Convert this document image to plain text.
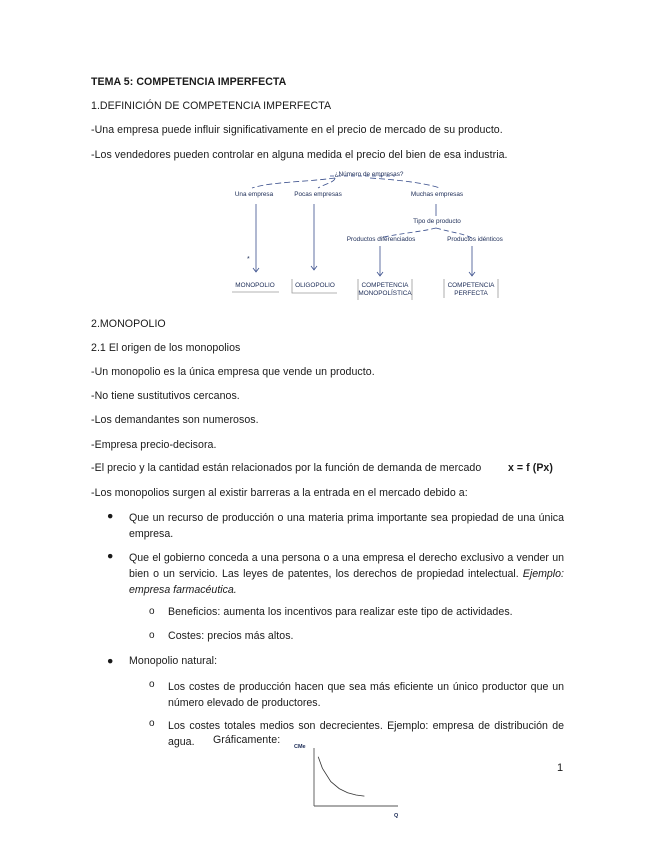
TEMA 5: COMPETENCIA IMPERFECTA
1.DEFINICIÓN DE COMPETENCIA IMPERFECTA
-Una empresa puede influir significativamente en el precio de mercado de su producto.
-Los vendedores pueden controlar en alguna medida el precio del bien de esa industria.
¿Número de empresas?
Una empresa	Pocas empresas	Muchas empresas
Tipo de producto
Productos diferenciados	Productos idénticos
*
MONOPOLIO	OLIGOPOLIO	COMPETENCIA
MONOPOLÍSTICA
COMPETENCIA
PERFECTA
2.MONOPOLIO
2.1 El origen de los monopolios
-Un monopolio es la única empresa que vende un producto.
-No tiene sustitutivos cercanos.
-Los demandantes son numerosos.
-Empresa precio-decisora.
-El precio y la cantidad están relacionados por la función de demanda de mercado	x = f (Px)
-Los monopolios surgen al existir barreras a la entrada en el mercado debido a:
● Que un recurso de producción o una materia prima importante sea propiedad de una única empresa.
● Que el gobierno conceda a una persona o a una empresa el derecho exclusivo a vender un bien o un servicio. Las leyes de patentes, los derechos de propiedad intelectual. Ejemplo: empresa farmacéutica.
o Beneficios: aumenta los incentivos para realizar este tipo de actividades.
o Costes: precios más altos.
● Monopolio natural:
o Los costes de producción hacen que sea más eficiente un único productor que un número elevado de productores.
o Los costes totales medios son decrecientes. Ejemplo: empresa de distribución de agua.	Gráficamente:
CMe
Q
1
